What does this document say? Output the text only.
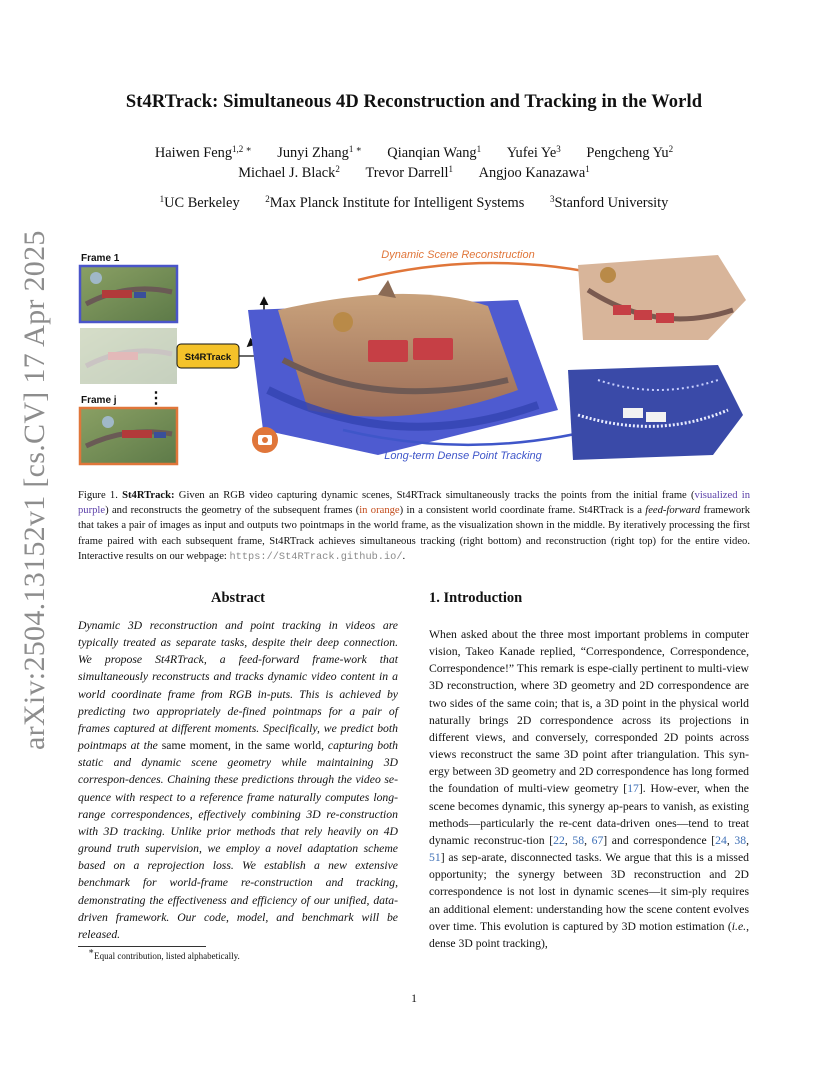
arXiv:2504.13152v1 [cs.CV] 17 Apr 2025
St4RTrack: Simultaneous 4D Reconstruction and Tracking in the World
Haiwen Feng$^{1,2 ∗}$ Junyi Zhang$^{1 ∗}$ Qianqian Wang$^1$ Yufei Ye$^3$ Pengcheng Yu$^2$
Michael J. Black$^2$ Trevor Darrell$^1$ Angjoo Kanazawa$^1$
$^1$UC Berkeley	$^2$Max Planck Institute for Intelligent Systems	$^3$Stanford University
Frame 1
⋮
Frame j
St4RTrack
Dynamic Scene Reconstruction
Long-term Dense Point Tracking
Figure 1. St4RTrack: Given an RGB video capturing dynamic scenes, St4RTrack simultaneously tracks the points from the initial frame (visualized in purple) and reconstructs the geometry of the subsequent frames (in orange) in a consistent world coordinate frame. St4RTrack is a feed-forward framework that takes a pair of images as input and outputs two pointmaps in the world frame, as the visualization shown in the middle. By iteratively processing the first frame paired with each subsequent frame, St4RTrack achieves simultaneous tracking (right bottom) and reconstruction (right top) for the entire video. Interactive results on our webpage: https://St4RTrack.github.io/.
Abstract
Dynamic 3D reconstruction and point tracking in videos are typically treated as separate tasks, despite their deep connection. We propose St4RTrack, a feed-forward frame-work that simultaneously reconstructs and tracks dynamic video content in a world coordinate frame from RGB in-puts. This is achieved by predicting two appropriately de-fined pointmaps for a pair of frames captured at different moments. Specifically, we predict both pointmaps at the same moment, in the same world, capturing both static and dynamic scene geometry while maintaining 3D correspon-dences. Chaining these predictions through the video se-quence with respect to a reference frame naturally computes long-range correspondences, effectively combining 3D re-construction with 3D tracking. Unlike prior methods that rely heavily on 4D ground truth supervision, we employ a novel adaptation scheme based on a reprojection loss. We establish a new extensive benchmark for world-frame re-construction and tracking, demonstrating the effectiveness and efficiency of our unified, data-driven framework. Our code, model, and benchmark will be released.
∗Equal contribution, listed alphabetically.
1. Introduction
When asked about the three most important problems in computer vision, Takeo Kanade replied, “Correspondence, Correspondence, Correspondence!” This remark is espe-cially pertinent to multi-view 3D reconstruction, where 3D geometry and 2D correspondence are two sides of the same coin; that is, a 3D point in the physical world naturally brings 2D correspondence across its projections in different views, and conversely, corresponded 2D points across views reconstruct the same 3D point after triangulation. This syn-ergy between 3D geometry and 2D correspondence has long formed the foundation of multi-view geometry [17]. How-ever, when the scene becomes dynamic, this synergy ap-pears to vanish, as existing methods—particularly the re-cent data-driven ones—tend to treat dynamic reconstruc-tion [22, 58, 67] and correspondence [24, 38, 51] as sep-arate, disconnected tasks. We argue that this is a missed opportunity; the synergy between 3D reconstruction and 2D correspondence is not lost in dynamic scenes—it sim-ply requires an additional element: understanding how the scene content evolves over time. This evolution is captured by 3D motion estimation (i.e., dense 3D point tracking),
1
